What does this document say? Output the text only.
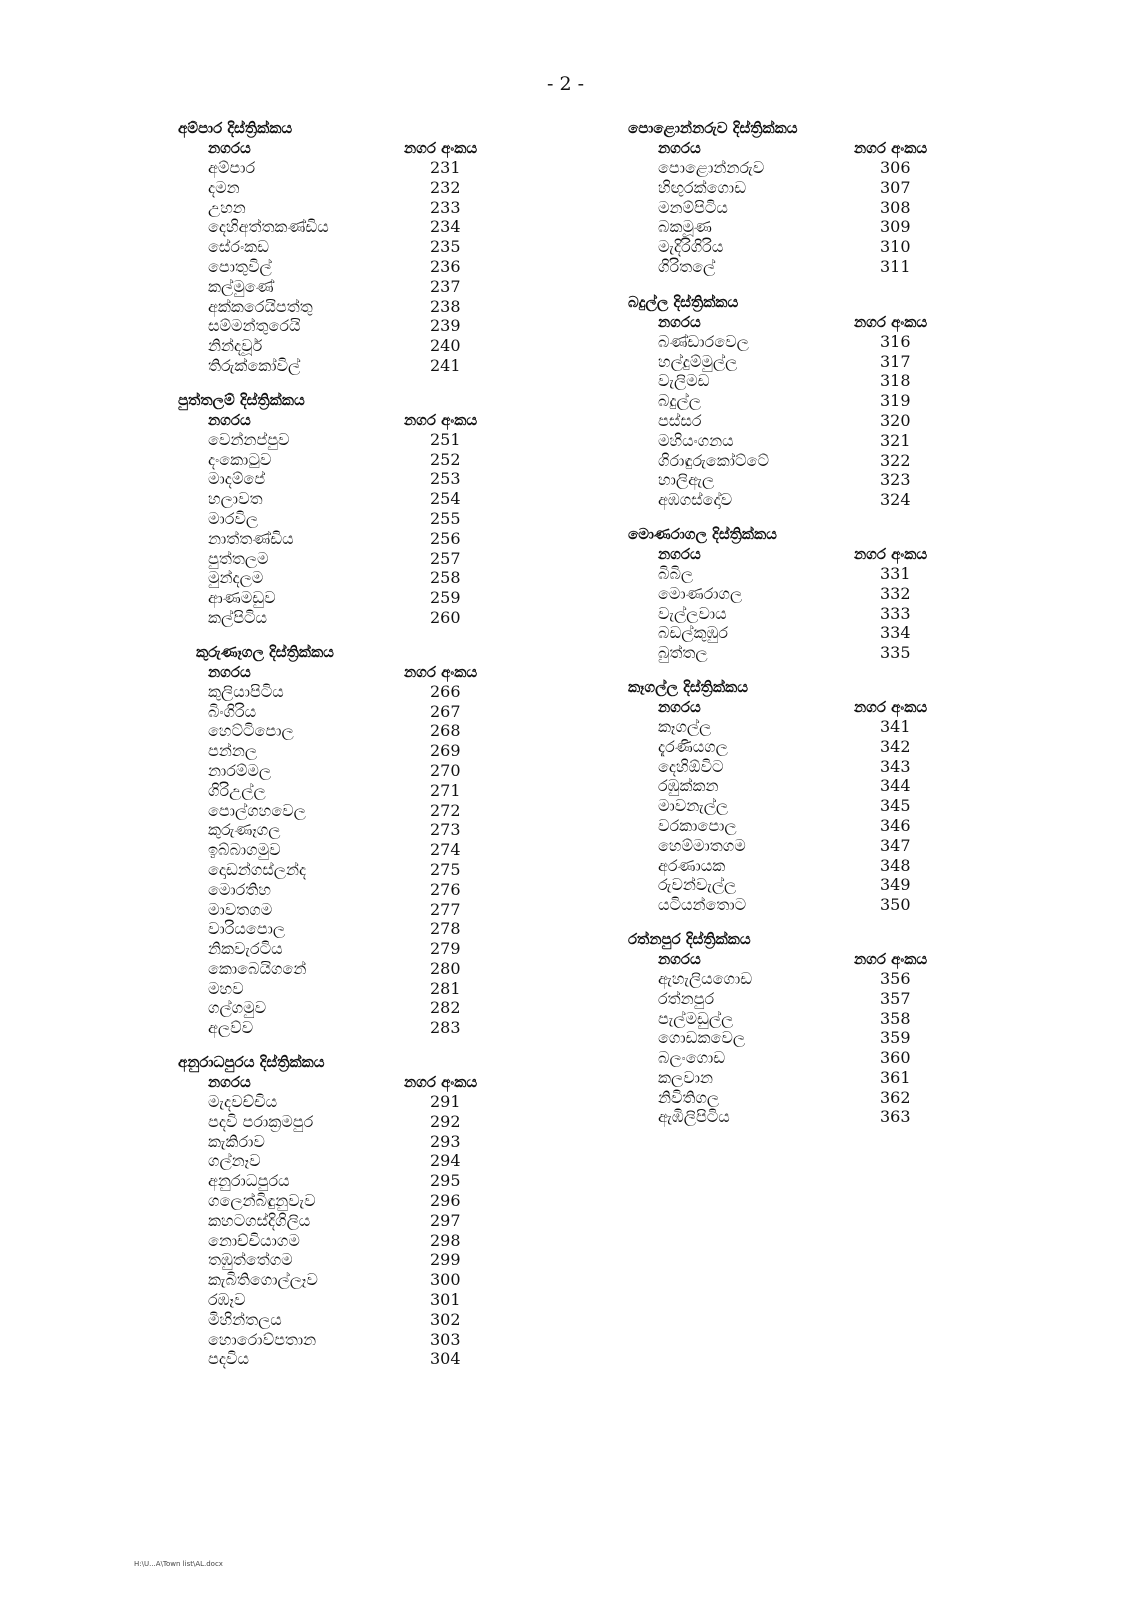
- 2 -
අම්පාර දිස්ත්‍රික්කය
නගරය	නගර අංකය
අම්පාර	231
දමන	232
උහන	233
දෙහිඅත්තකණ්ඩිය	234
සේරංකඩ	235
පොතුවිල්	236
කල්මුණේ	237
අක්කරෙයිපත්තු	238
සම්මන්තුරෙයි	239
නින්දවූර්	240
තිරුක්කෝවිල්	241
පුත්තලම් දිස්ත්‍රික්කය
නගරය	නගර අංකය
වෙන්නප්පුව	251
දංකොටුව	252
මාදම්පේ	253
හලාවත	254
මාරවිල	255
නාත්තණ්ඩිය	256
පුත්තලම	257
මුන්දලම	258
ආණමඩුව	259
කල්පිටිය	260
කුරුණෑගල දිස්ත්‍රික්කය
නගරය	නගර අංකය
කුලියාපිටිය	266
බිංගිරිය	267
හෙට්ටිපොල	268
පන්නල	269
නාරම්මල	270
ගිරිඋල්ල	271
පොල්ගහවෙල	272
කුරුණෑගල	273
ඉබ්බාගමුව	274
දොඩන්ගස්ලන්ද	275
මොරතිහ	276
මාවතගම	277
වාරියපොල	278
නිකවැරටිය	279
කොබෙයිගනේ	280
මහව	281
ගල්ගමුව	282
අලව්ව	283
අනුරාධපුරය දිස්ත්‍රික්කය
නගරය	නගර අංකය
මැදවච්චිය	291
පදවි පරාක්‍රමපුර	292
කැකිරාව	293
ගල්නෑව	294
අනුරාධපුරය	295
ගලෙන්බිඳුනුවැව	296
කහටගස්දිගිලිය	297
නොච්චියාගම	298
තඹුත්තේගම	299
කැබිතිගොල්ලෑව	300
රඹෑව	301
මිහින්තලය	302
හොරොව්පතාන	303
පදවිය	304
පොළොන්නරුව දිස්ත්‍රික්කය
නගරය	නගර අංකය
පොළොන්නරුව	306
හිඟුරක්ගොඩ	307
මනම්පිටිය	308
බකමූණ	309
මැදිරිගිරිය	310
ගිරිතලේ	311
බදුල්ල දිස්ත්‍රික්කය
නගරය	නගර අංකය
බණ්ඩාරවෙල	316
හල්දුම්මුල්ල	317
වැලිමඩ	318
බදුල්ල	319
පස්සර	320
මහියංගනය	321
ගිරාඳුරුකෝට්ටේ	322
හාලිඇල	323
අඹගස්දෝව	324
මොණරාගල දිස්ත්‍රික්කය
නගරය	නගර අංකය
බිබිල	331
මොණරාගල	332
වැල්ලවාය	333
බඩල්කුඹුර	334
බුත්තල	335
කෑගල්ල දිස්ත්‍රික්කය
නගරය	නගර අංකය
කෑගල්ල	341
දැරණියගල	342
දෙහිඕවිට	343
රඹුක්කන	344
මාවනැල්ල	345
වරකාපොල	346
හෙම්මාතගම	347
අරණායක	348
රුවන්වැල්ල	349
යටියන්තොට	350
රත්නපුර දිස්ත්‍රික්කය
නගරය	නගර අංකය
ඇහැලියගොඩ	356
රත්නපුර	357
පැල්මඩුල්ල	358
ගොඩකවෙල	359
බලංගොඩ	360
කලවාන	361
නිවිතිගල	362
ඇඹිලිපිටිය	363
H:\U...A\Town list\AL.docx
